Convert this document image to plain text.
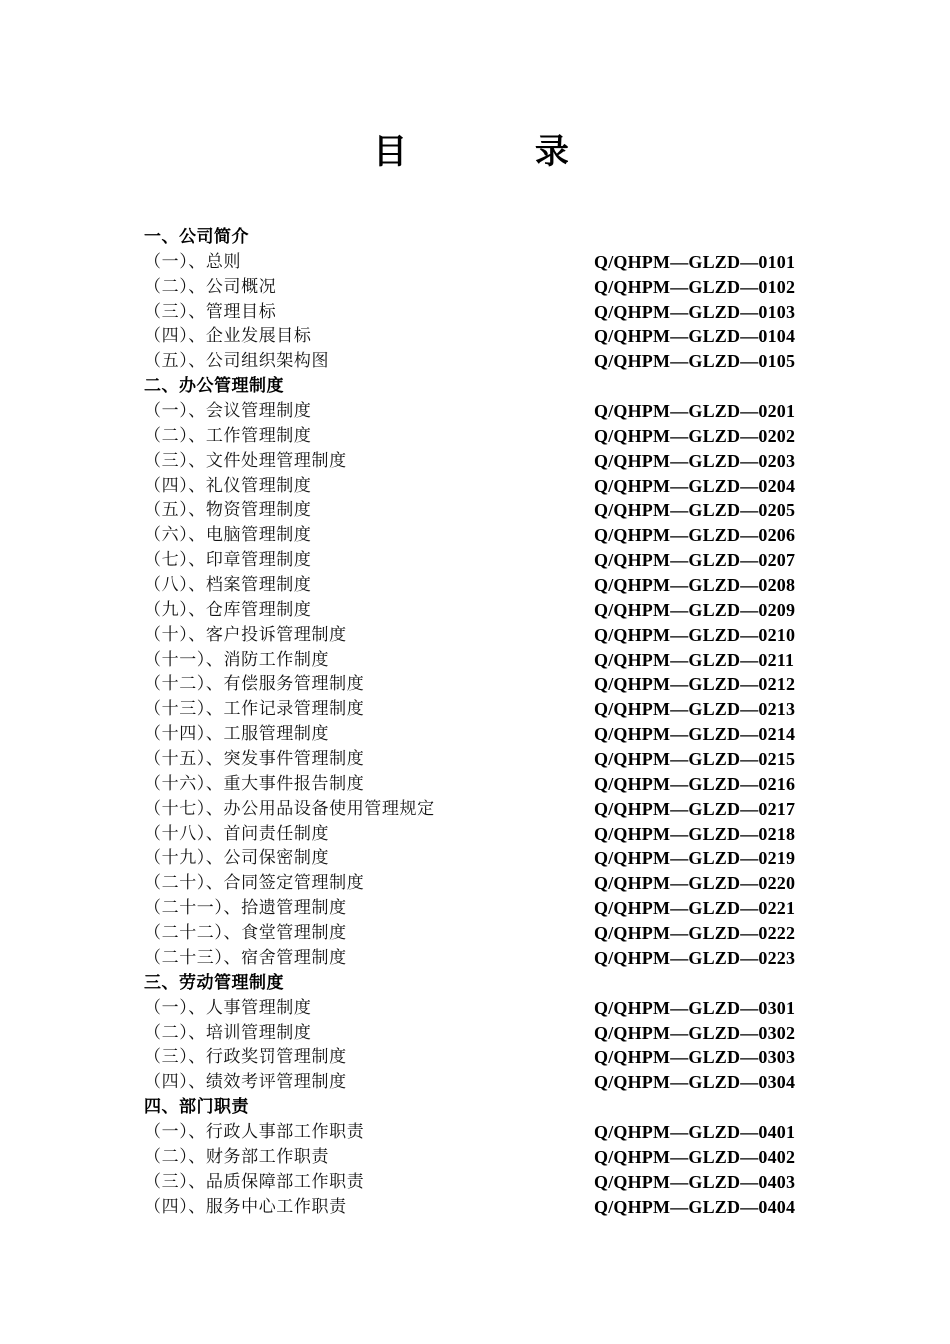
目 录
一、公司简介
（一）、总则	Q/QHPM—GLZD—0101
（二）、公司概况	Q/QHPM—GLZD—0102
（三）、管理目标	Q/QHPM—GLZD—0103
（四）、企业发展目标	Q/QHPM—GLZD—0104
（五）、公司组织架构图	Q/QHPM—GLZD—0105
二、办公管理制度
（一）、会议管理制度	Q/QHPM—GLZD—0201
（二）、工作管理制度	Q/QHPM—GLZD—0202
（三）、文件处理管理制度	Q/QHPM—GLZD—0203
（四）、礼仪管理制度	Q/QHPM—GLZD—0204
（五）、物资管理制度	Q/QHPM—GLZD—0205
（六）、电脑管理制度	Q/QHPM—GLZD—0206
（七）、印章管理制度	Q/QHPM—GLZD—0207
（八）、档案管理制度	Q/QHPM—GLZD—0208
（九）、仓库管理制度	Q/QHPM—GLZD—0209
（十）、客户投诉管理制度	Q/QHPM—GLZD—0210
（十一）、消防工作制度	Q/QHPM—GLZD—0211
（十二）、有偿服务管理制度	Q/QHPM—GLZD—0212
（十三）、工作记录管理制度	Q/QHPM—GLZD—0213
（十四）、工服管理制度	Q/QHPM—GLZD—0214
（十五）、突发事件管理制度	Q/QHPM—GLZD—0215
（十六）、重大事件报告制度	Q/QHPM—GLZD—0216
（十七）、办公用品设备使用管理规定	Q/QHPM—GLZD—0217
（十八）、首问责任制度	Q/QHPM—GLZD—0218
（十九）、公司保密制度	Q/QHPM—GLZD—0219
（二十）、合同签定管理制度	Q/QHPM—GLZD—0220
（二十一）、拾遗管理制度	Q/QHPM—GLZD—0221
（二十二）、食堂管理制度	Q/QHPM—GLZD—0222
（二十三）、宿舍管理制度	Q/QHPM—GLZD—0223
三、劳动管理制度
（一）、人事管理制度	Q/QHPM—GLZD—0301
（二）、培训管理制度	Q/QHPM—GLZD—0302
（三）、行政奖罚管理制度	Q/QHPM—GLZD—0303
（四）、绩效考评管理制度	Q/QHPM—GLZD—0304
四、部门职责
（一）、行政人事部工作职责	Q/QHPM—GLZD—0401
（二）、财务部工作职责	Q/QHPM—GLZD—0402
（三）、品质保障部工作职责	Q/QHPM—GLZD—0403
（四）、服务中心工作职责	Q/QHPM—GLZD—0404
